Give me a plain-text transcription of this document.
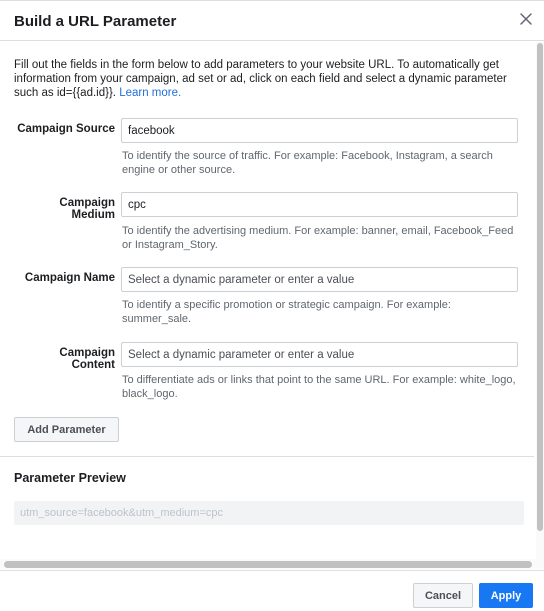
Build a URL Parameter
Fill out the fields in the form below to add parameters to your website URL. To automatically get information from your campaign, ad set or ad, click on each field and select a dynamic parameter such as id={{ad.id}}. Learn more.
Campaign Source
facebook
To identify the source of traffic. For example: Facebook, Instagram, a search engine or other source.
Campaign Medium
cpc
To identify the advertising medium. For example: banner, email, Facebook_Feed or Instagram_Story.
Campaign Name
Select a dynamic parameter or enter a value
To identify a specific promotion or strategic campaign. For example: summer_sale.
Campaign Content
Select a dynamic parameter or enter a value
To differentiate ads or links that point to the same URL. For example: white_logo, black_logo.
Add Parameter
Parameter Preview
utm_source=facebook&utm_medium=cpc
Cancel	Apply
